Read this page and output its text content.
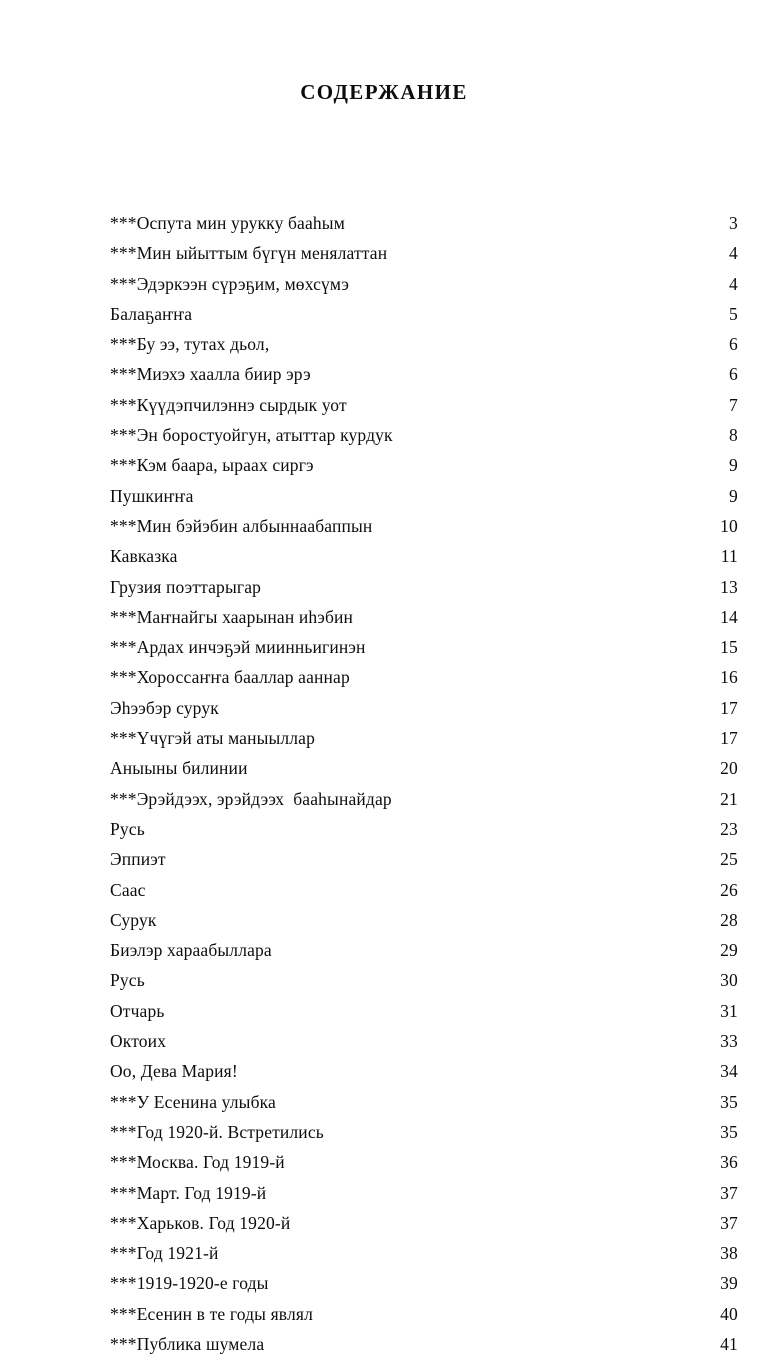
СОДЕРЖАНИЕ
***Оспута мин урукку бааһым	3
***Мин ыйыттым бүгүн менялаттан	4
***Эдэркээн сүрэҕим, мөхсүмэ	4
Балаҕаҥҥа	5
***Бу ээ, тутах дьол,	6
***Миэхэ хаалла биир эрэ	6
***Күүдэпчилэннэ сырдык уот	7
***Эн боростуойгун, атыттар курдук	8
***Кэм баара, ыраах сиргэ	9
Пушкиҥҥа	9
***Мин бэйэбин албыннаабаппын	10
Кавказка	11
Грузия поэттарыгар	13
***Маҥнайгы хаарынан иһэбин	14
***Ардах инчэҕэй миинньигинэн	15
***Хороссаҥҥа бааллар ааннар	16
Эһээбэр сурук	17
***Үчүгэй аты маныыллар	17
Аныыны билинии	20
***Эрэйдээх, эрэйдээх  бааһынайдар	21
Русь	23
Эппиэт	25
Саас	26
Сурук	28
Биэлэр хараабыллара	29
Русь	30
Отчарь	31
Октоих	33
Оо, Дева Мария!	34
***У Есенина улыбка	35
***Год 1920-й. Встретились	35
***Москва. Год 1919-й	36
***Март. Год 1919-й	37
***Харьков. Год 1920-й	37
***Год 1921-й	38
***1919-1920-е годы	39
***Есенин в те годы являл	40
***Публика шумела	41
